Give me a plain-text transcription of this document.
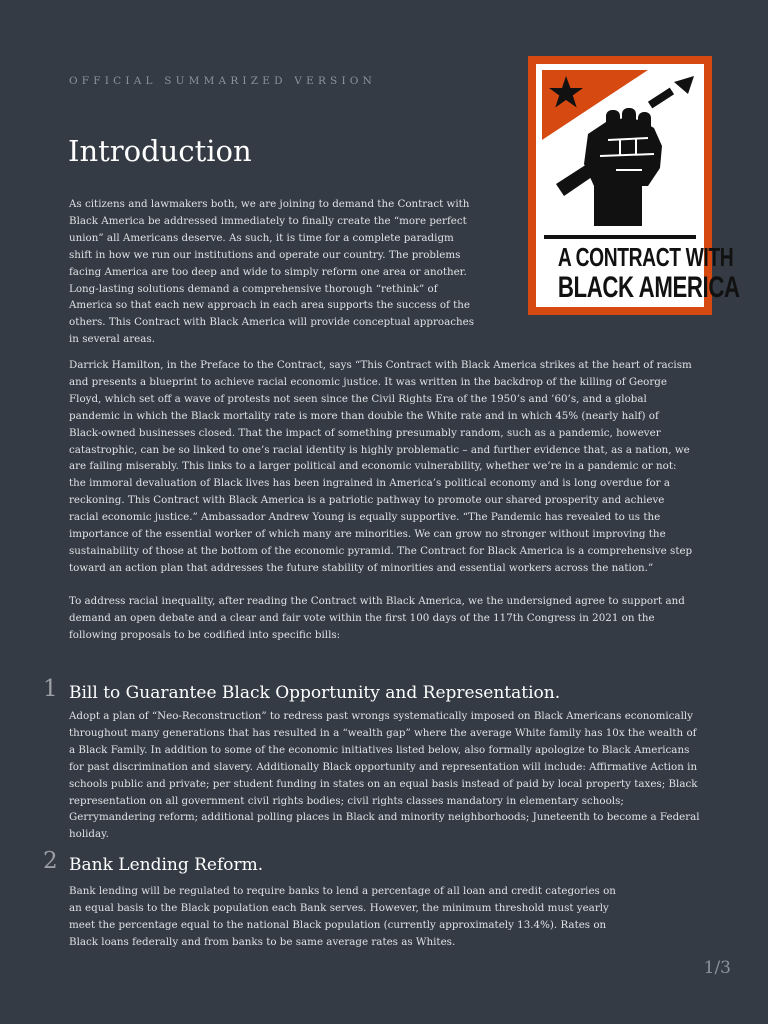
OFFICIAL SUMMARIZED VERSION
Introduction
A CONTRACT WITH
BLACK AMERICA

As citizens and lawmakers both, we are joining to demand the Contract with Black America be addressed immediately to finally create the “more perfect union” all Americans deserve. As such, it is time for a complete paradigm shift in how we run our institutions and operate our country. The problems facing America are too deep and wide to simply reform one area or another. Long-lasting solutions demand a comprehensive thorough “rethink” of America so that each new approach in each area supports the success of the others. This Contract with Black America will provide conceptual approaches in several areas.

Darrick Hamilton, in the Preface to the Contract, says “This Contract with Black America strikes at the heart of racism and presents a blueprint to achieve racial economic justice. It was written in the backdrop of the killing of George Floyd, which set off a wave of protests not seen since the Civil Rights Era of the 1950’s and ’60’s, and a global pandemic in which the Black mortality rate is more than double the White rate and in which 45% (nearly half) of Black-owned businesses closed. That the impact of something presumably random, such as a pandemic, however catastrophic, can be so linked to one’s racial identity is highly problematic – and further evidence that, as a nation, we are failing miserably. This links to a larger political and economic vulnerability, whether we’re in a pandemic or not: the immoral devaluation of Black lives has been ingrained in America’s political economy and is long overdue for a reckoning. This Contract with Black America is a patriotic pathway to promote our shared prosperity and achieve racial economic justice.” Ambassador Andrew Young is equally supportive. “The Pandemic has revealed to us the importance of the essential worker of which many are minorities. We can grow no stronger without improving the sustainability of those at the bottom of the economic pyramid. The Contract for Black America is a comprehensive step toward an action plan that addresses the future stability of minorities and essential workers across the nation.”

To address racial inequality, after reading the Contract with Black America, we the undersigned agree to support and demand an open debate and a clear and fair vote within the first 100 days of the 117th Congress in 2021 on the following proposals to be codified into specific bills:

1 Bill to Guarantee Black Opportunity and Representation.

Adopt a plan of “Neo-Reconstruction” to redress past wrongs systematically imposed on Black Americans economically throughout many generations that has resulted in a “wealth gap” where the average White family has 10x the wealth of a Black Family. In addition to some of the economic initiatives listed below, also formally apologize to Black Americans for past discrimination and slavery. Additionally Black opportunity and representation will include: Affirmative Action in schools public and private; per student funding in states on an equal basis instead of paid by local property taxes; Black representation on all government civil rights bodies; civil rights classes mandatory in elementary schools; Gerrymandering reform; additional polling places in Black and minority neighborhoods; Juneteenth to become a Federal holiday.

2 Bank Lending Reform.

Bank lending will be regulated to require banks to lend a percentage of all loan and credit categories on an equal basis to the Black population each Bank serves. However, the minimum threshold must yearly meet the percentage equal to the national Black population (currently approximately 13.4%). Rates on Black loans federally and from banks to be same average rates as Whites.

1/3
